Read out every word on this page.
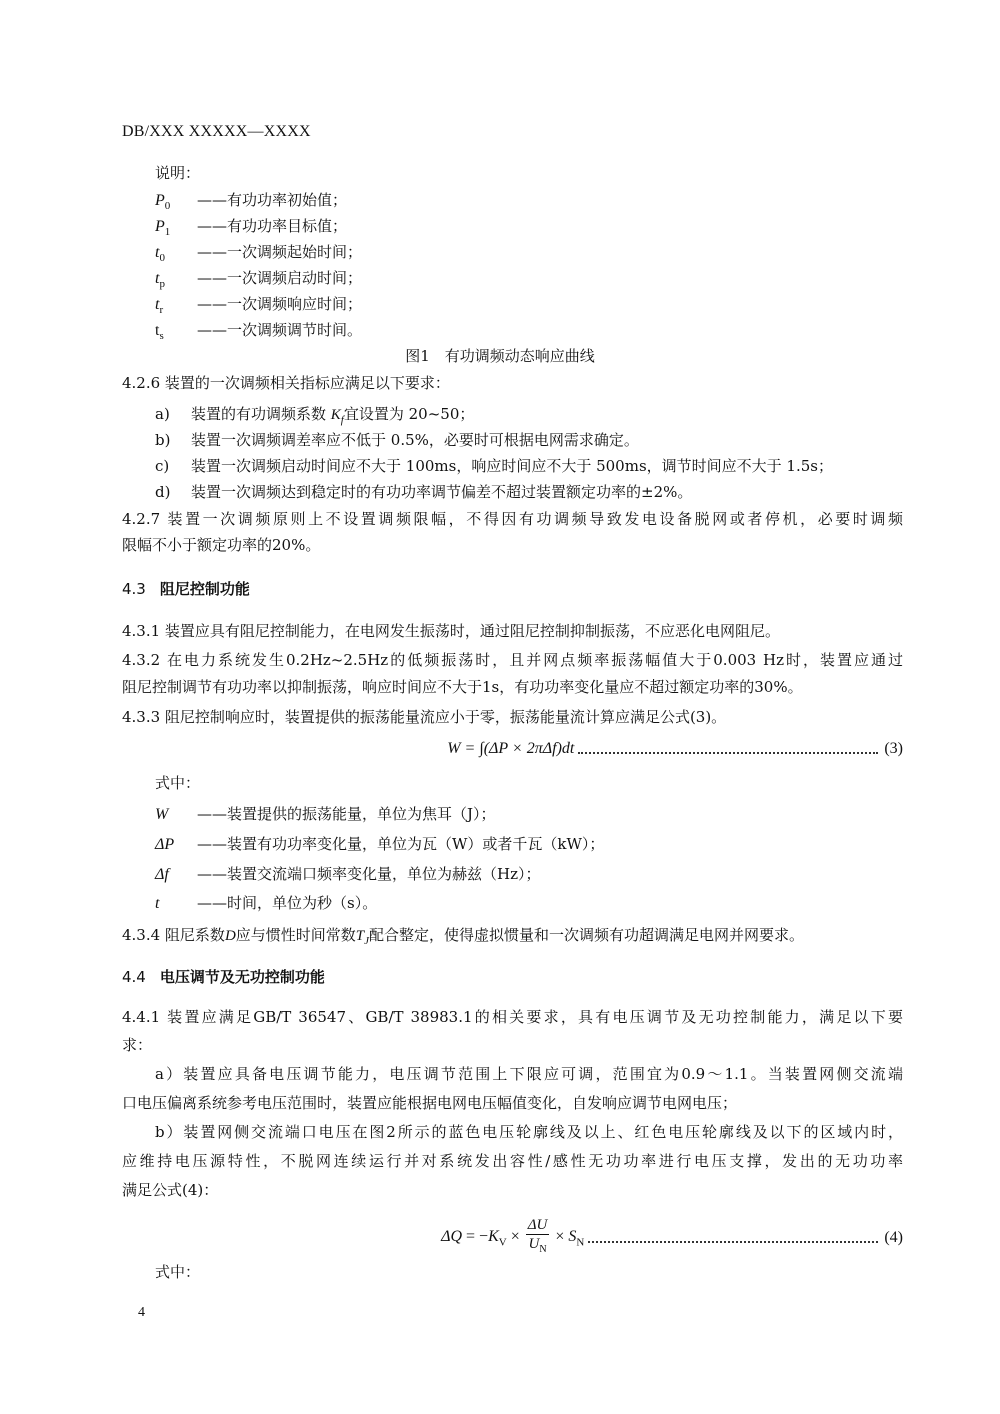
DB/XXX XXXXX—XXXX
说明：
$P_0$ ——有功功率初始值；
$P_1$ ——有功功率目标值；
$t_0$ ——一次调频起始时间；
$t_p$ ——一次调频启动时间；
$t_r$ ——一次调频响应时间；
$t_s$ ——一次调频调节时间。
图1　有功调频动态响应曲线
4.2.6 装置的一次调频相关指标应满足以下要求：
a) 装置的有功调频系数 $K_f$宜设置为 20~50；
b) 装置一次调频调差率应不低于 0.5%，必要时可根据电网需求确定。
c) 装置一次调频启动时间应不大于 100ms，响应时间应不大于 500ms，调节时间应不大于 1.5s；
d) 装置一次调频达到稳定时的有功功率调节偏差不超过装置额定功率的±2%。
4.2.7 装置一次调频原则上不设置调频限幅，不得因有功调频导致发电设备脱网或者停机，必要时调频
限幅不小于额定功率的20%。
4.3 阻尼控制功能
4.3.1 装置应具有阻尼控制能力，在电网发生振荡时，通过阻尼控制抑制振荡，不应恶化电网阻尼。
4.3.2 在电力系统发生0.2Hz~2.5Hz的低频振荡时，且并网点频率振荡幅值大于0.003 Hz时，装置应通过
阻尼控制调节有功功率以抑制振荡，响应时间应不大于1s，有功功率变化量应不超过额定功率的30%。
4.3.3 阻尼控制响应时，装置提供的振荡能量流应小于零，振荡能量流计算应满足公式(3)。
W = ∫(ΔP × 2πΔf)dt	(3)
式中：
W ——装置提供的振荡能量，单位为焦耳（J）；
ΔP ——装置有功功率变化量，单位为瓦（W）或者千瓦（kW）；
Δf ——装置交流端口频率变化量，单位为赫兹（Hz）；
t	——时间，单位为秒（s）。
4.3.4 阻尼系数D应与惯性时间常数$T_J$配合整定，使得虚拟惯量和一次调频有功超调满足电网并网要求。
4.4 电压调节及无功控制功能
4.4.1 装置应满足GB/T 36547、GB/T 38983.1的相关要求，具有电压调节及无功控制能力，满足以下要
求：
a）装置应具备电压调节能力，电压调节范围上下限应可调，范围宜为0.9～1.1。当装置网侧交流端
口电压偏离系统参考电压范围时，装置应能根据电网电压幅值变化，自发响应调节电网电压；
b）装置网侧交流端口电压在图2所示的蓝色电压轮廓线及以上、红色电压轮廓线及以下的区域内时，
应维持电压源特性，不脱网连续运行并对系统发出容性/感性无功功率进行电压支撑，发出的无功功率
满足公式(4)：
$\Delta Q = -K_V \times \frac{\Delta U}{U_N} \times S_N$	(4)
式中：
4
